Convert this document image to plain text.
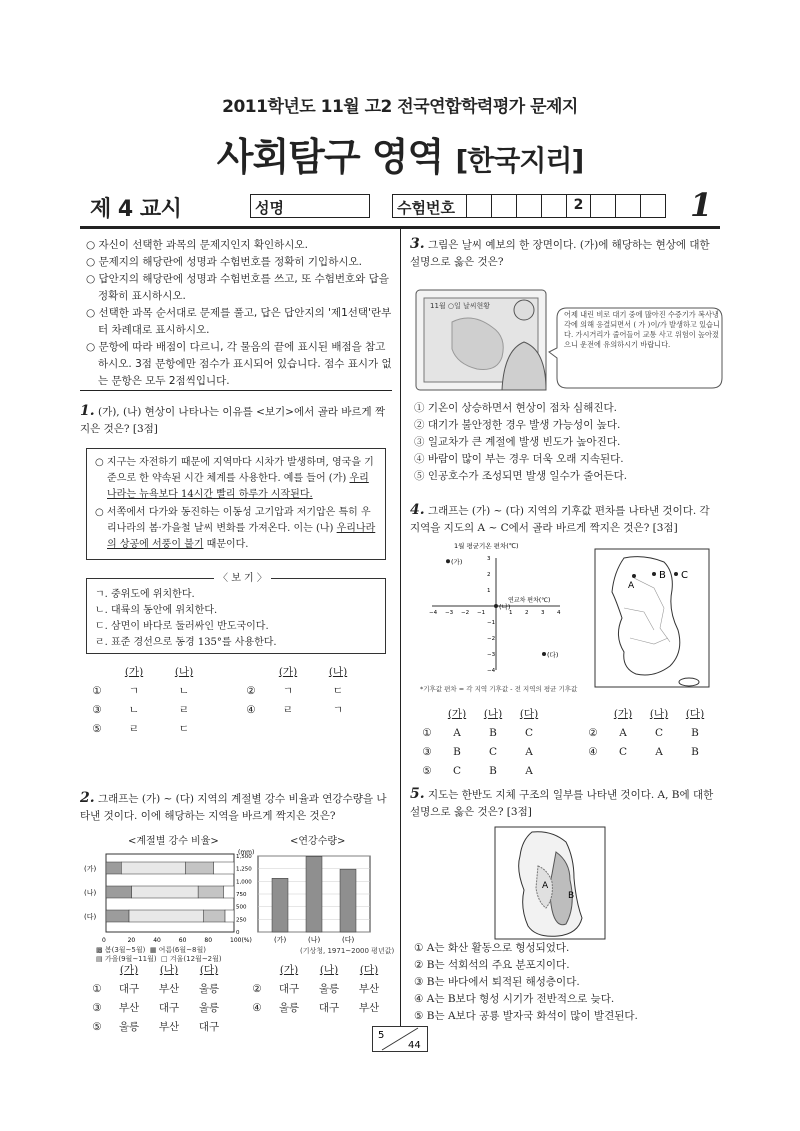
2011학년도 11월 고2 전국연합학력평가 문제지
사회탐구 영역 [한국지리]
제 4 교시	성명	수험번호	2	1
○ 자신이 선택한 과목의 문제지인지 확인하시오.
○ 문제지의 해당란에 성명과 수험번호를 정확히 기입하시오.
○ 답안지의 해당란에 성명과 수험번호를 쓰고, 또 수험번호와 답을 정확히 표시하시오.
○ 선택한 과목 순서대로 문제를 풀고, 답은 답안지의 '제1선택'란부터 차례대로 표시하시오.
○ 문항에 따라 배점이 다르니, 각 물음의 끝에 표시된 배점을 참고하시오. 3점 문항에만 점수가 표시되어 있습니다. 점수 표시가 없는 문항은 모두 2점씩입니다.
1. (가), (나) 현상이 나타나는 이유를 <보기>에서 골라 바르게 짝지은 것은? [3점]
○ 지구는 자전하기 때문에 지역마다 시차가 발생하며, 영국을 기준으로 한 약속된 시간 체계를 사용한다. 예를 들어 (가) 우리나라는 뉴욕보다 14시간 빨리 하루가 시작된다.
○ 서쪽에서 다가와 동진하는 이동성 고기압과 저기압은 특히 우리나라의 봄·가을철 날씨 변화를 가져온다. 이는 (나) 우리나라의 상공에 서풍이 불기 때문이다.
ㄱ. 중위도에 위치한다.
ㄴ. 대륙의 동안에 위치한다.
ㄷ. 삼면이 바다로 둘러싸인 반도국이다.
ㄹ. 표준 경선으로 동경 135°를 사용한다.
〈 보 기 〉
	(가)	(나)
①	ㄱ	ㄴ
③	ㄴ	ㄹ
⑤	ㄹ	ㄷ
	(가)	(나)
②	ㄱ	ㄷ
④	ㄹ	ㄱ
2. 그래프는 (가) ~ (다) 지역의 계절별 강수 비율과 연강수량을 나타낸 것이다. 이에 해당하는 지역을 바르게 짝지은 것은?
<계절별 강수 비율>	<연강수량>
(가)
(나)
(다)
0	20	40	60	80	100(%)
(mm)
0
250
500
750
1,000
1,250
1,500
(가)	(나)	(다)
▩ 봄(3월~5월) ▦ 여름(6월~8월)
▤ 가을(9월~11월) □ 겨울(12월~2월)
(기상청, 1971~2000 평년값)
	(가)	(나)	(다)
①	대구	부산	울릉
③	부산	대구	울릉
⑤	울릉	부산	대구
	(가)	(나)	(다)
②	대구	울릉	부산
④	울릉	대구	부산
3. 그림은 날씨 예보의 한 장면이다. (가)에 해당하는 현상에 대한 설명으로 옳은 것은?
11월 ○일 날씨현황
어제 내린 비로 대기 중에 많아진 수증기가 복사냉각에 의해 응결되면서 ( 가 )이/가 발생하고 있습니다. 가시거리가 줄어들어 교통 사고 위험이 높아졌으니 운전에 유의하시기 바랍니다.
① 기온이 상승하면서 현상이 점차 심해진다.
② 대기가 불안정한 경우 발생 가능성이 높다.
③ 일교차가 큰 계절에 발생 빈도가 높아진다.
④ 바람이 많이 부는 경우 더욱 오래 지속된다.
⑤ 인공호수가 조성되면 발생 일수가 줄어든다.
4. 그래프는 (가) ~ (다) 지역의 기후값 편차를 나타낸 것이다. 각 지역을 지도의 A ~ C에서 골라 바르게 짝지은 것은? [3점]
1월 평균기온 편차(℃)
−4 −3 −2 −1	1 2 3 4
−4
−3
−2
−1
1
2
3
연교차 편차(℃)
(가)
(나)
(다)
*기후값 편차 = 각 지역 기후값 - 전 지역의 평균 기후값
A
B C
	(가)	(나)	(다)
①	A	B	C
③	B	C	A
⑤	C	B	A
	(가)	(나)	(다)
②	A	C	B
④	C	A	B
5. 지도는 한반도 지체 구조의 일부를 나타낸 것이다. A, B에 대한 설명으로 옳은 것은? [3점]
A
B
① A는 화산 활동으로 형성되었다.
② B는 석회석의 주요 분포지이다.
③ B는 바다에서 퇴적된 해성층이다.
④ A는 B보다 형성 시기가 전반적으로 늦다.
⑤ B는 A보다 공룡 발자국 화석이 많이 발견된다.
5
44
